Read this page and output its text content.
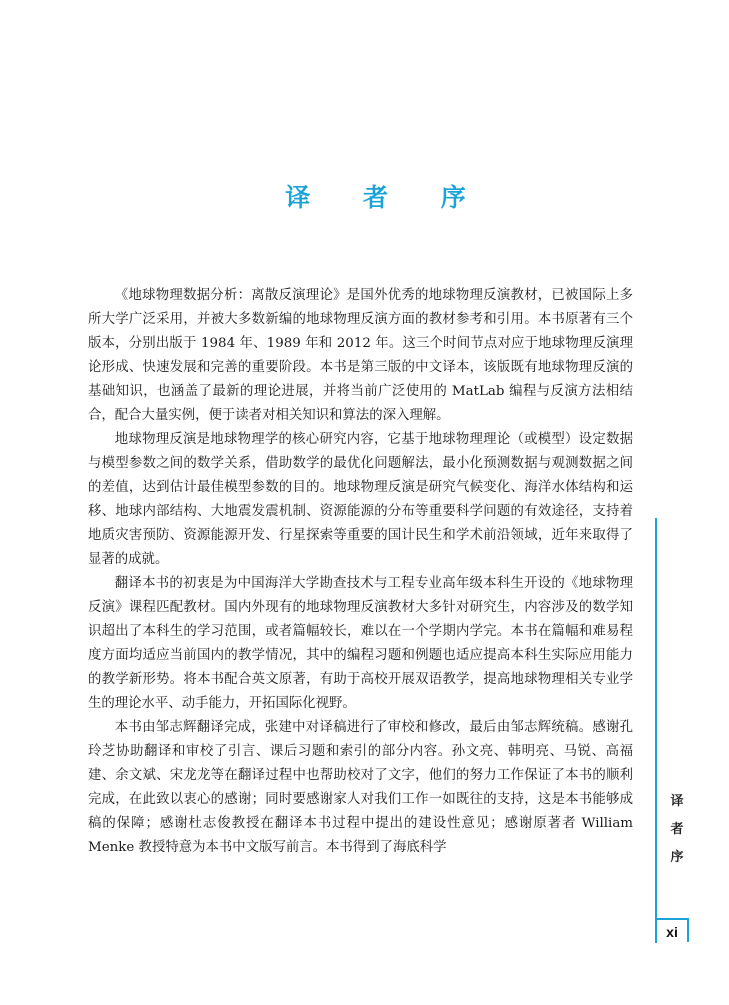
译 者 序

《地球物理数据分析：离散反演理论》是国外优秀的地球物理反演教材，已被国际上多所大学广泛采用，并被大多数新编的地球物理反演方面的教材参考和引用。本书原著有三个版本，分别出版于 1984 年、1989 年和 2012 年。这三个时间节点对应于地球物理反演理论形成、快速发展和完善的重要阶段。本书是第三版的中文译本，该版既有地球物理反演的基础知识，也涵盖了最新的理论进展，并将当前广泛使用的 MatLab 编程与反演方法相结合，配合大量实例，便于读者对相关知识和算法的深入理解。

地球物理反演是地球物理学的核心研究内容，它基于地球物理理论（或模型）设定数据与模型参数之间的数学关系，借助数学的最优化问题解法，最小化预测数据与观测数据之间的差值，达到估计最佳模型参数的目的。地球物理反演是研究气候变化、海洋水体结构和运移、地球内部结构、大地震发震机制、资源能源的分布等重要科学问题的有效途径，支持着地质灾害预防、资源能源开发、行星探索等重要的国计民生和学术前沿领域，近年来取得了显著的成就。

翻译本书的初衷是为中国海洋大学勘查技术与工程专业高年级本科生开设的《地球物理反演》课程匹配教材。国内外现有的地球物理反演教材大多针对研究生，内容涉及的数学知识超出了本科生的学习范围，或者篇幅较长，难以在一个学期内学完。本书在篇幅和难易程度方面均适应当前国内的教学情况，其中的编程习题和例题也适应提高本科生实际应用能力的教学新形势。将本书配合英文原著，有助于高校开展双语教学，提高地球物理相关专业学生的理论水平、动手能力，开拓国际化视野。

本书由邹志辉翻译完成，张建中对译稿进行了审校和修改，最后由邹志辉统稿。感谢孔玲芝协助翻译和审校了引言、课后习题和索引的部分内容。孙文亮、韩明亮、马锐、高福建、余文斌、宋龙龙等在翻译过程中也帮助校对了文字，他们的努力工作保证了本书的顺利完成，在此致以衷心的感谢；同时要感谢家人对我们工作一如既往的支持，这是本书能够成稿的保障；感谢杜志俊教授在翻译本书过程中提出的建设性意见；感谢原著者 William Menke 教授特意为本书中文版写前言。本书得到了海底科学

译
者
序
xi
